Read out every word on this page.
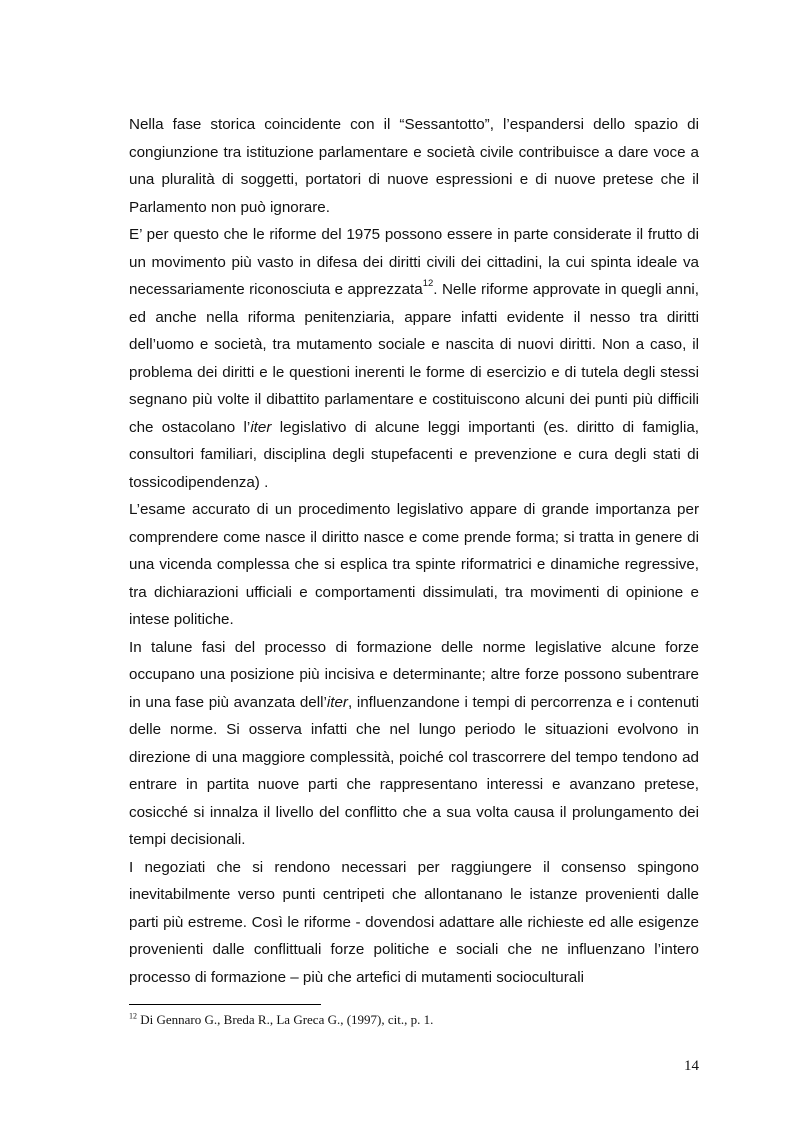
Nella fase storica coincidente con il “Sessantotto”, l’espandersi dello spazio di congiunzione tra istituzione parlamentare e società civile contribuisce a dare voce a una pluralità di soggetti, portatori di nuove espressioni e di nuove pretese che il Parlamento non può ignorare.

E’ per questo che le riforme del 1975 possono essere in parte considerate il frutto di un movimento più vasto in difesa dei diritti civili dei cittadini, la cui spinta ideale va necessariamente riconosciuta e apprezzata$^{12}$. Nelle riforme approvate in quegli anni, ed anche nella riforma penitenziaria, appare infatti evidente il nesso tra diritti dell’uomo e società, tra mutamento sociale e nascita di nuovi diritti. Non a caso, il problema dei diritti e le questioni inerenti le forme di esercizio e di tutela degli stessi segnano più volte il dibattito parlamentare e costituiscono alcuni dei punti più difficili che ostacolano l’iter legislativo di alcune leggi importanti (es. diritto di famiglia, consultori familiari, disciplina degli stupefacenti e prevenzione e cura degli stati di tossicodipendenza) .

L’esame accurato di un procedimento legislativo appare di grande importanza per comprendere come nasce il diritto nasce e come prende forma; si tratta in genere di una vicenda complessa che si esplica tra spinte riformatrici e dinamiche regressive, tra dichiarazioni ufficiali e comportamenti dissimulati, tra movimenti di opinione e intese politiche.

In talune fasi del processo di formazione delle norme legislative alcune forze occupano una posizione più incisiva e determinante; altre forze possono subentrare in una fase più avanzata dell’iter, influenzandone i tempi di percorrenza e i contenuti delle norme. Si osserva infatti che nel lungo periodo le situazioni evolvono in direzione di una maggiore complessità, poiché col trascorrere del tempo tendono ad entrare in partita nuove parti che rappresentano interessi e avanzano pretese, cosicché si innalza il livello del conflitto che a sua volta causa il prolungamento dei tempi decisionali.

I negoziati che si rendono necessari per raggiungere il consenso spingono inevitabilmente verso punti centripeti che allontanano le istanze provenienti dalle parti più estreme. Così le riforme - dovendosi adattare alle richieste ed alle esigenze provenienti dalle conflittuali forze politiche e sociali che ne influenzano l’intero processo di formazione – più che artefici di mutamenti socioculturali

$^{12}$ Di Gennaro G., Breda R., La Greca G., (1997), cit., p. 1.
14
